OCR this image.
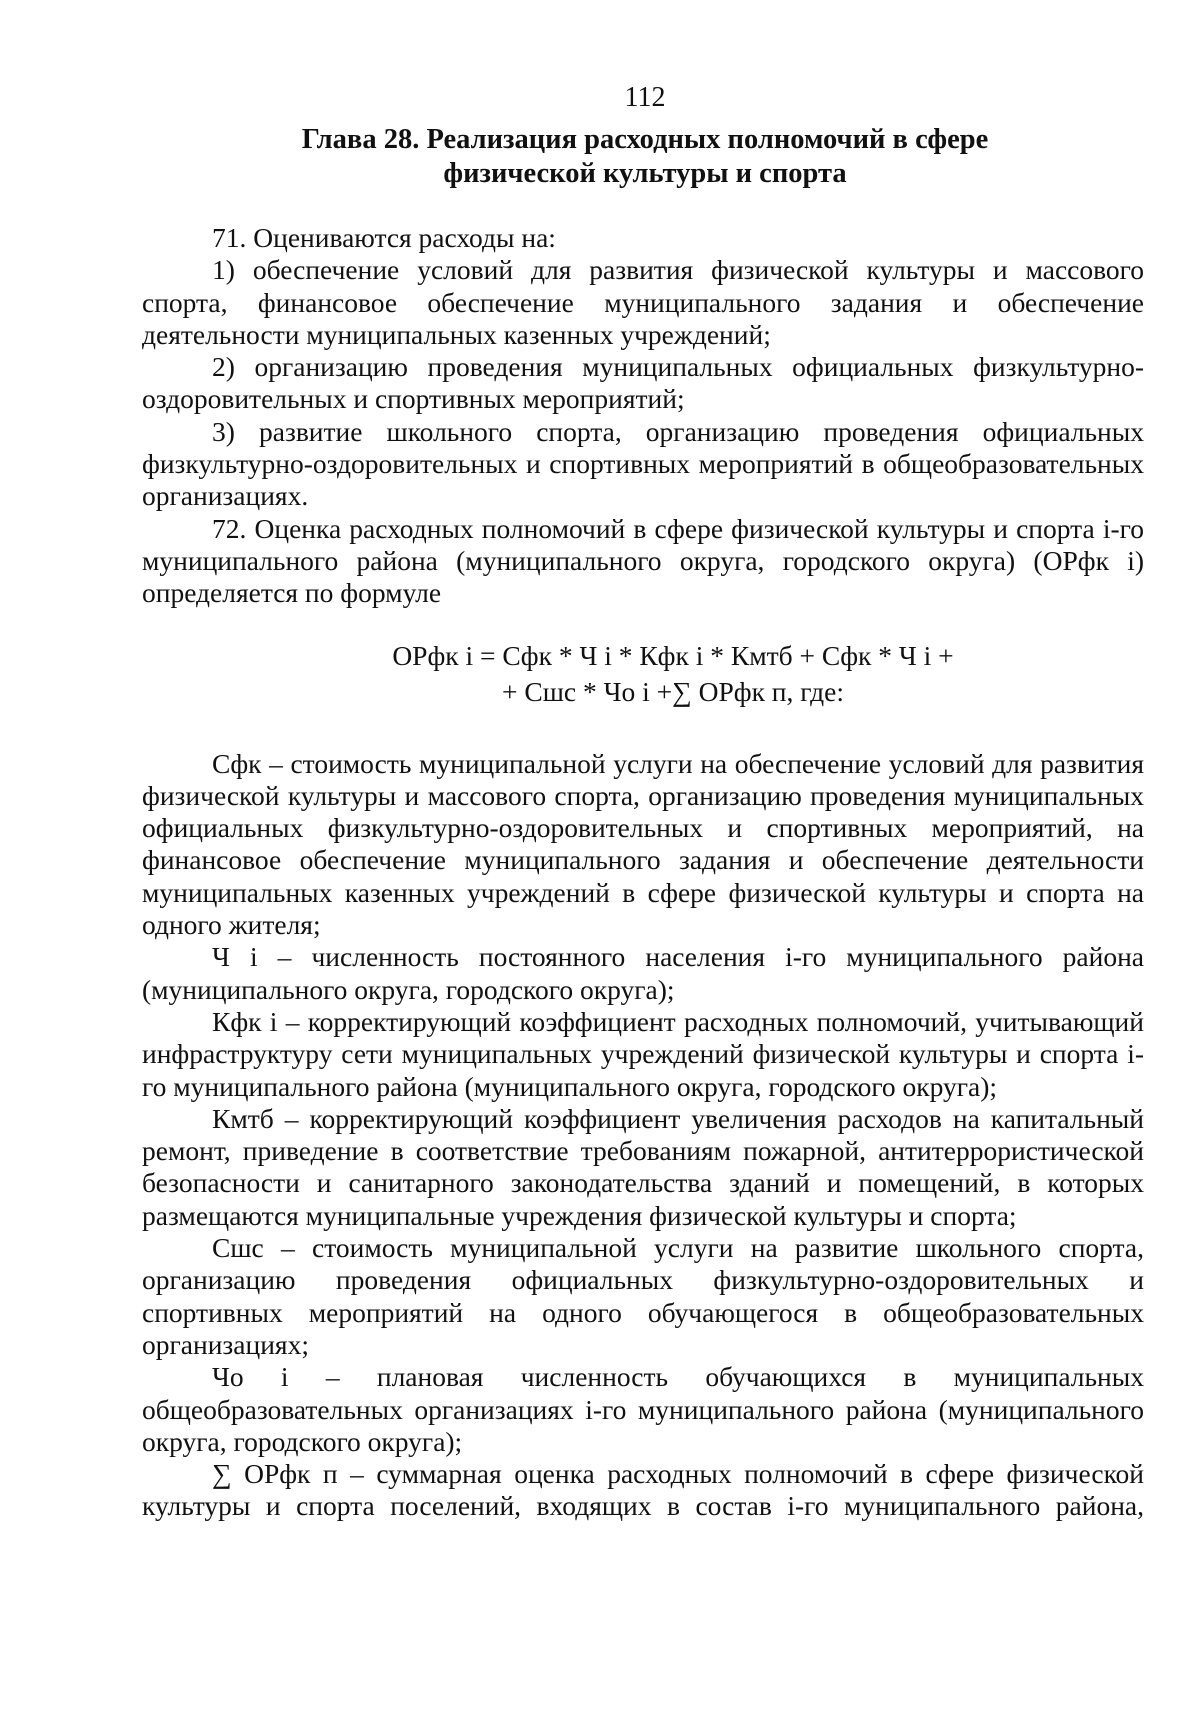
112
Глава 28. Реализация расходных полномочий в сфере
физической культуры и спорта

71. Оцениваются расходы на:

1) обеспечение условий для развития физической культуры и массового спорта, финансовое обеспечение муниципального задания и обеспечение деятельности муниципальных казенных учреждений;

2) организацию проведения муниципальных официальных физкультурно-оздоровительных и спортивных мероприятий;

3) развитие школьного спорта, организацию проведения официальных физкультурно-оздоровительных и спортивных мероприятий в общеобразовательных организациях.

72. Оценка расходных полномочий в сфере физической культуры и спорта i-го муниципального района (муниципального округа, городского округа) (ОРфк i) определяется по формуле

ОРфк i = Сфк * Ч i * Кфк i * Кмтб + Сфк * Ч i +
+ Сшс * Чо i +∑ ОРфк п, где:

Сфк – стоимость муниципальной услуги на обеспечение условий для развития физической культуры и массового спорта, организацию проведения муниципальных официальных физкультурно-оздоровительных и спортивных мероприятий, на финансовое обеспечение муниципального задания и обеспечение деятельности муниципальных казенных учреждений в сфере физической культуры и спорта на одного жителя;

Ч i – численность постоянного населения i-го муниципального района (муниципального округа, городского округа);

Кфк i – корректирующий коэффициент расходных полномочий, учитывающий инфраструктуру сети муниципальных учреждений физической культуры и спорта i-го муниципального района (муниципального округа, городского округа);

Кмтб – корректирующий коэффициент увеличения расходов на капитальный ремонт, приведение в соответствие требованиям пожарной, антитеррористической безопасности и санитарного законодательства зданий и помещений, в которых размещаются муниципальные учреждения физической культуры и спорта;

Сшс – стоимость муниципальной услуги на развитие школьного спорта, организацию проведения официальных физкультурно-оздоровительных и спортивных мероприятий на одного обучающегося в общеобразовательных организациях;

Чо i – плановая численность обучающихся в муниципальных общеобразовательных организациях i-го муниципального района (муниципального округа, городского округа);

∑ ОРфк п – суммарная оценка расходных полномочий в сфере физической культуры и спорта поселений, входящих в состав i-го муниципального района,
